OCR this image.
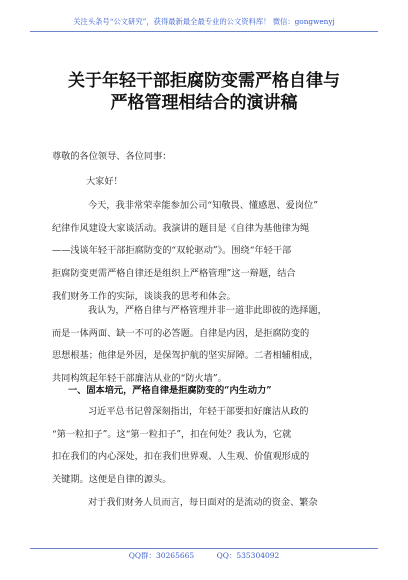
关注头条号“公文研究”，获得最新最全最专业的公文资料库！ 微信：gongwenyj
关于年轻干部拒腐防变需严格自律与
严格管理相结合的演讲稿
尊敬的各位领导、各位同事：
大家好！
今天，我非常荣幸能参加公司“知敬畏、懂感恩、爱岗位”
纪律作风建设大家谈活动。我演讲的题目是《自律为基他律为绳
——浅谈年轻干部拒腐防变的“双轮驱动”》。围绕“年轻干部
拒腐防变更需严格自律还是组织上严格管理”这一辩题，结合
我们财务工作的实际，谈谈我的思考和体会。
我认为，严格自律与严格管理并非一道非此即彼的选择题，
而是一体两面、缺一不可的必答题。自律是内因，是拒腐防变的
思想根基；他律是外因，是保驾护航的坚实屏障。二者相辅相成，
共同构筑起年轻干部廉洁从业的“防火墙”。
一、固本培元，严格自律是拒腐防变的“内生动力”
习近平总书记曾深刻指出，年轻干部要扣好廉洁从政的
“第一粒扣子”。这“第一粒扣子”，扣在何处？我认为，它就
扣在我们的内心深处，扣在我们世界观、人生观、价值观形成的
关键期。这便是自律的源头。
对于我们财务人员而言，每日面对的是流动的资金、繁杂
QQ群：30265665	QQ：535304092
